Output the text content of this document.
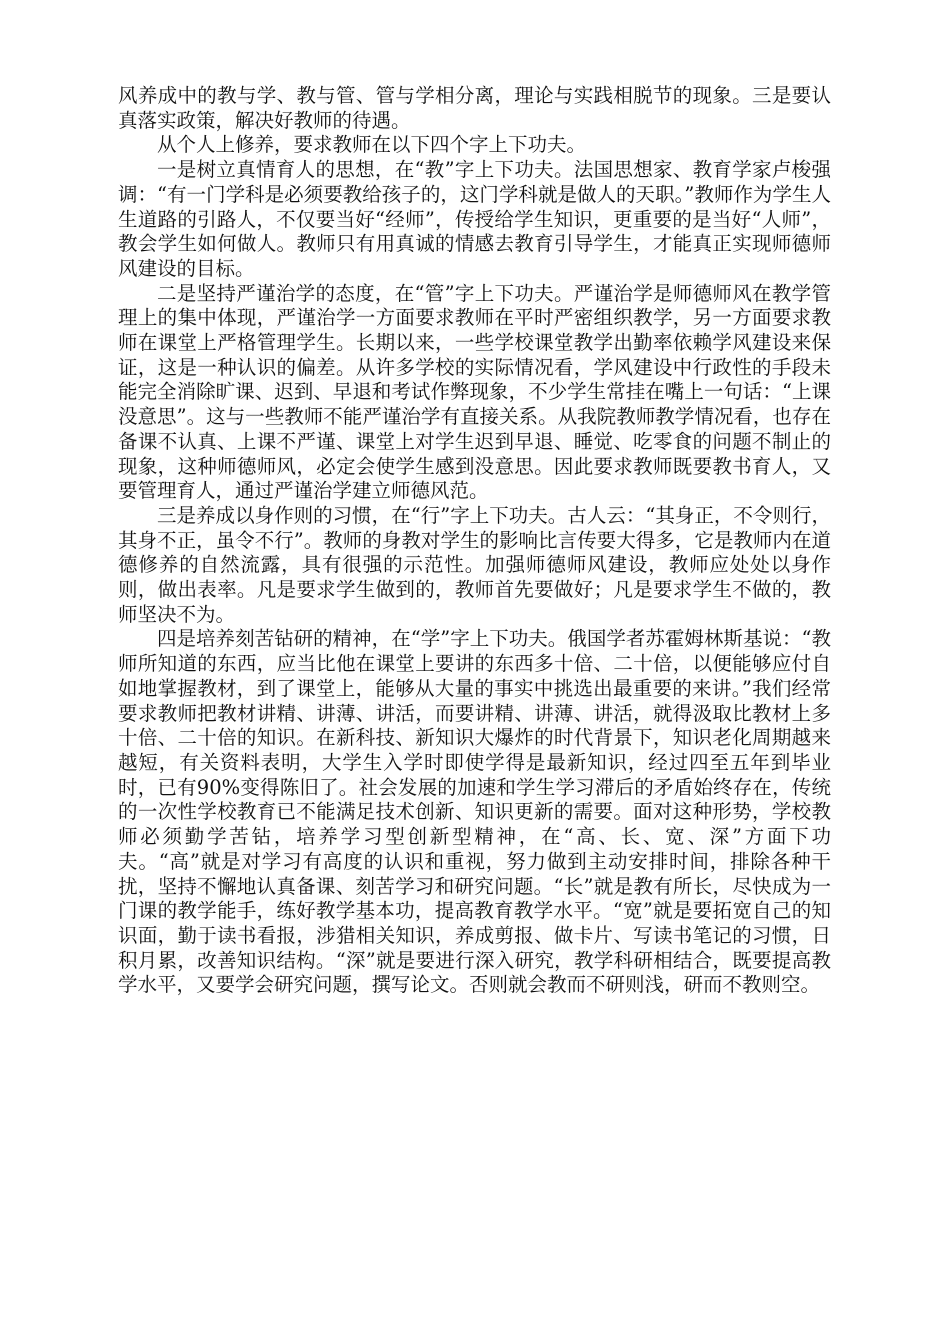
风养成中的教与学、教与管、管与学相分离，理论与实践相脱节的现象。三是要认真落实政策，解决好教师的待遇。

从个人上修养，要求教师在以下四个字上下功夫。

一是树立真情育人的思想，在“教”字上下功夫。法国思想家、教育学家卢梭强调：“有一门学科是必须要教给孩子的，这门学科就是做人的天职。”教师作为学生人生道路的引路人，不仅要当好“经师”，传授给学生知识，更重要的是当好“人师”，教会学生如何做人。教师只有用真诚的情感去教育引导学生，才能真正实现师德师风建设的目标。

二是坚持严谨治学的态度，在“管”字上下功夫。严谨治学是师德师风在教学管理上的集中体现，严谨治学一方面要求教师在平时严密组织教学，另一方面要求教师在课堂上严格管理学生。长期以来，一些学校课堂教学出勤率依赖学风建设来保证，这是一种认识的偏差。从许多学校的实际情况看，学风建设中行政性的手段未能完全消除旷课、迟到、早退和考试作弊现象，不少学生常挂在嘴上一句话：“上课没意思”。这与一些教师不能严谨治学有直接关系。从我院教师教学情况看，也存在备课不认真、上课不严谨、课堂上对学生迟到早退、睡觉、吃零食的问题不制止的现象，这种师德师风，必定会使学生感到没意思。因此要求教师既要教书育人，又要管理育人，通过严谨治学建立师德风范。

三是养成以身作则的习惯，在“行”字上下功夫。古人云：“其身正，不令则行，其身不正，虽令不行”。教师的身教对学生的影响比言传要大得多，它是教师内在道德修养的自然流露，具有很强的示范性。加强师德师风建设，教师应处处以身作则，做出表率。凡是要求学生做到的，教师首先要做好；凡是要求学生不做的，教师坚决不为。

四是培养刻苦钻研的精神，在“学”字上下功夫。俄国学者苏霍姆林斯基说：“教师所知道的东西，应当比他在课堂上要讲的东西多十倍、二十倍，以便能够应付自如地掌握教材，到了课堂上，能够从大量的事实中挑选出最重要的来讲。”我们经常要求教师把教材讲精、讲薄、讲活，而要讲精、讲薄、讲活，就得汲取比教材上多十倍、二十倍的知识。在新科技、新知识大爆炸的时代背景下，知识老化周期越来越短，有关资料表明，大学生入学时即使学得是最新知识，经过四至五年到毕业时，已有90%变得陈旧了。社会发展的加速和学生学习滞后的矛盾始终存在，传统的一次性学校教育已不能满足技术创新、知识更新的需要。面对这种形势，学校教师必须勤学苦钻，培养学习型创新型精神，在“高、长、宽、深”方面下功夫。“高”就是对学习有高度的认识和重视，努力做到主动安排时间，排除各种干扰，坚持不懈地认真备课、刻苦学习和研究问题。“长”就是教有所长，尽快成为一门课的教学能手，练好教学基本功，提高教育教学水平。“宽”就是要拓宽自己的知识面，勤于读书看报，涉猎相关知识，养成剪报、做卡片、写读书笔记的习惯，日积月累，改善知识结构。“深”就是要进行深入研究，教学科研相结合，既要提高教学水平，又要学会研究问题，撰写论文。否则就会教而不研则浅，研而不教则空。
